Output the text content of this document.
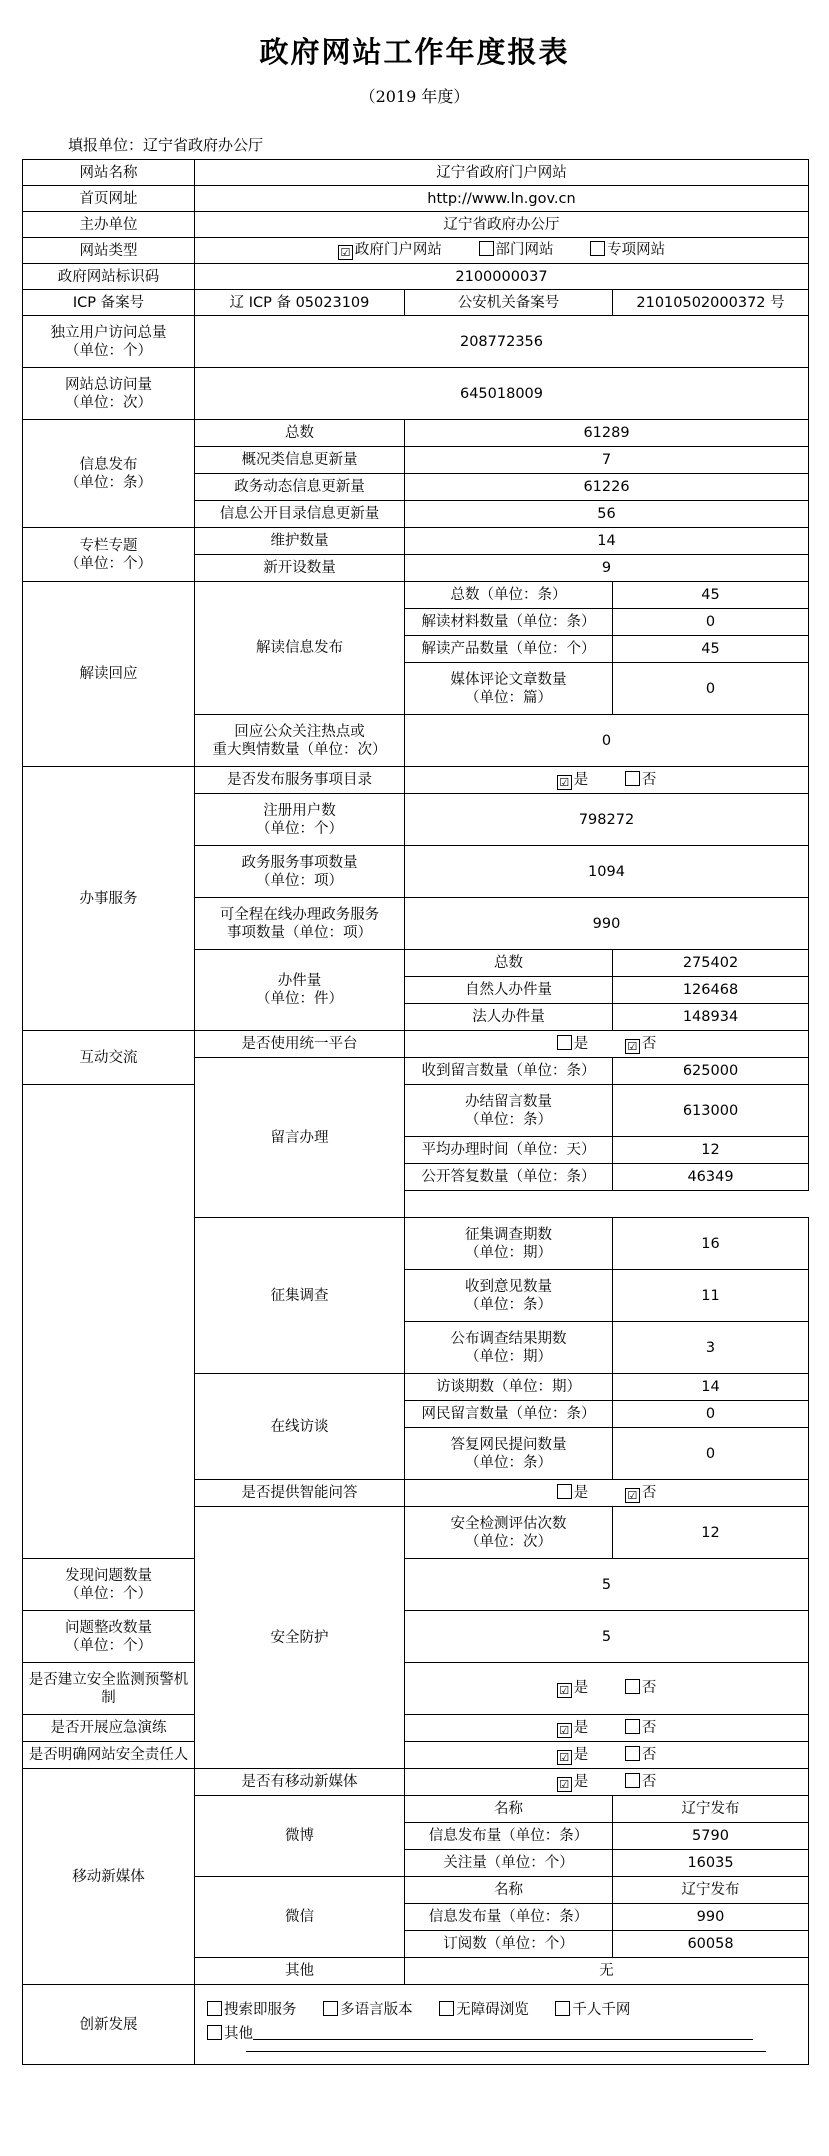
政府网站工作年度报表
（2019 年度）
填报单位：辽宁省政府办公厅
网站名称	辽宁省政府门户网站		
首页网址	http://www.ln.gov.cn		
主办单位	辽宁省政府办公厅		
网站类型	☑ 政府门户网站 部门网站 专项网站		
政府网站标识码	2100000037		
ICP 备案号	辽 ICP 备 05023109	公安机关备案号	21010502000372 号
独立用户访问总量
（单位：个）	208772356		
网站总访问量
（单位：次）	645018009		
信息发布
（单位：条）	总数	61289	
	概况类信息更新量	7	
	政务动态信息更新量	61226	
	信息公开目录信息更新量	56	
专栏专题
（单位：个）	维护数量	14	
	新开设数量	9	
解读回应	解读信息发布	总数（单位：条）	45
		解读材料数量（单位：条）	0
		解读产品数量（单位：个）	45
		媒体评论文章数量
（单位：篇）	0
	回应公众关注热点或
重大舆情数量（单位：次）	0	
办事服务	是否发布服务事项目录	☑ 是 否	
	注册用户数
（单位：个）	798272	
	政务服务事项数量
（单位：项）	1094	
	可全程在线办理政务服务
事项数量（单位：项）	990	
	办件量
（单位：件）	总数	275402
		自然人办件量	126468
		法人办件量	148934
互动交流	是否使用统一平台	是 ☑ 否	
	留言办理	收到留言数量（单位：条）	625000
		办结留言数量
（单位：条）	613000
		平均办理时间（单位：天）	12
		公开答复数量（单位：条）	46349

	征集调查	征集调查期数
（单位：期）	16
		收到意见数量
（单位：条）	11
		公布调查结果期数
（单位：期）	3
	在线访谈	访谈期数（单位：期）	14
		网民留言数量（单位：条）	0
		答复网民提问数量
（单位：条）	0
	是否提供智能问答	是 ☑ 否	
	安全防护	安全检测评估次数
（单位：次）	12
发现问题数量
（单位：个）		5	
问题整改数量
（单位：个）		5	
是否建立安全监测预警机
制		☑ 是 否	
是否开展应急演练		☑ 是 否	
是否明确网站安全责任人		☑ 是 否	
移动新媒体	是否有移动新媒体	☑ 是 否	
	微博	名称	辽宁发布
		信息发布量（单位：条）	5790
		关注量（单位：个）	16035
	微信	名称	辽宁发布
		信息发布量（单位：条）	990
		订阅数（单位：个）	60058
	其他	无	
创新发展	搜索即服务 多语言版本 无障碍浏览 千人千网
其他		
